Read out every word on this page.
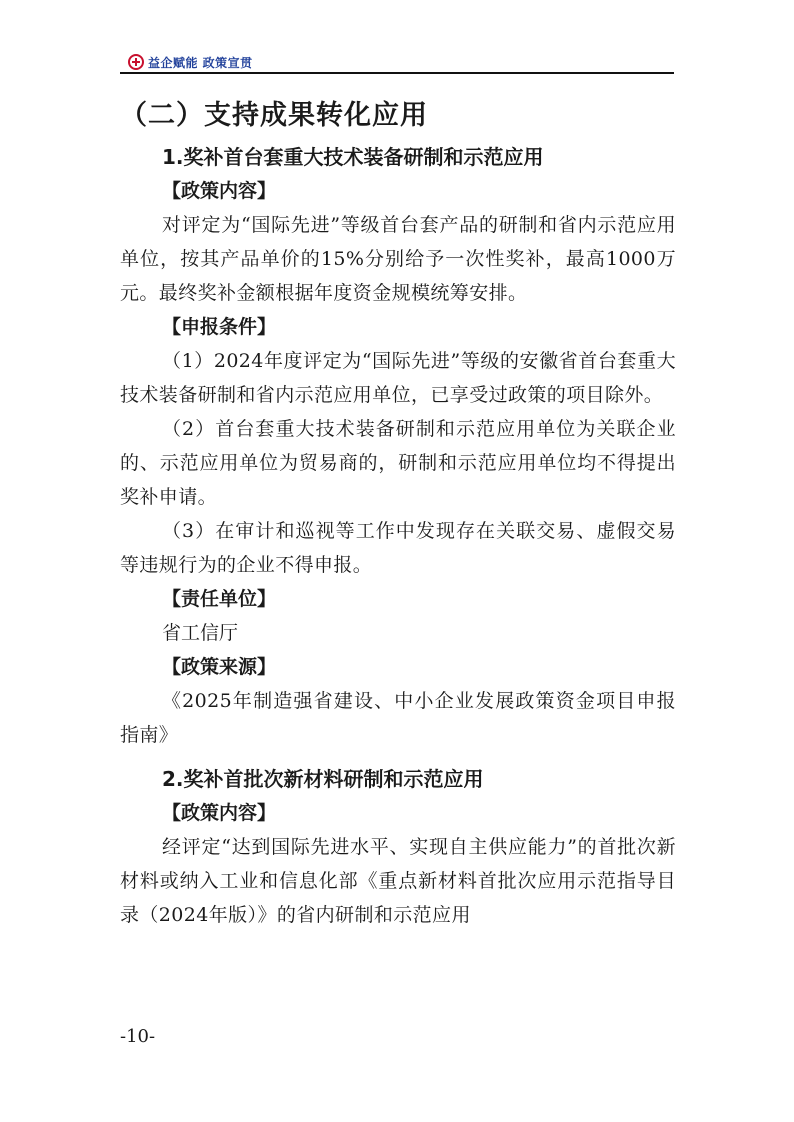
益企赋能 政策宣贯
（二）支持成果转化应用
1.奖补首台套重大技术装备研制和示范应用
【政策内容】

对评定为“国际先进”等级首台套产品的研制和省内示范应用单位，按其产品单价的15%分别给予一次性奖补，最高1000万元。最终奖补金额根据年度资金规模统筹安排。

【申报条件】

（1）2024年度评定为“国际先进”等级的安徽省首台套重大技术装备研制和省内示范应用单位，已享受过政策的项目除外。

（2）首台套重大技术装备研制和示范应用单位为关联企业的、示范应用单位为贸易商的，研制和示范应用单位均不得提出奖补申请。

（3）在审计和巡视等工作中发现存在关联交易、虚假交易等违规行为的企业不得申报。

【责任单位】

省工信厅

【政策来源】

《2025年制造强省建设、中小企业发展政策资金项目申报指南》

2.奖补首批次新材料研制和示范应用
【政策内容】

经评定“达到国际先进水平、实现自主供应能力”的首批次新材料或纳入工业和信息化部《重点新材料首批次应用示范指导目录（2024年版）》的省内研制和示范应用

-10-
